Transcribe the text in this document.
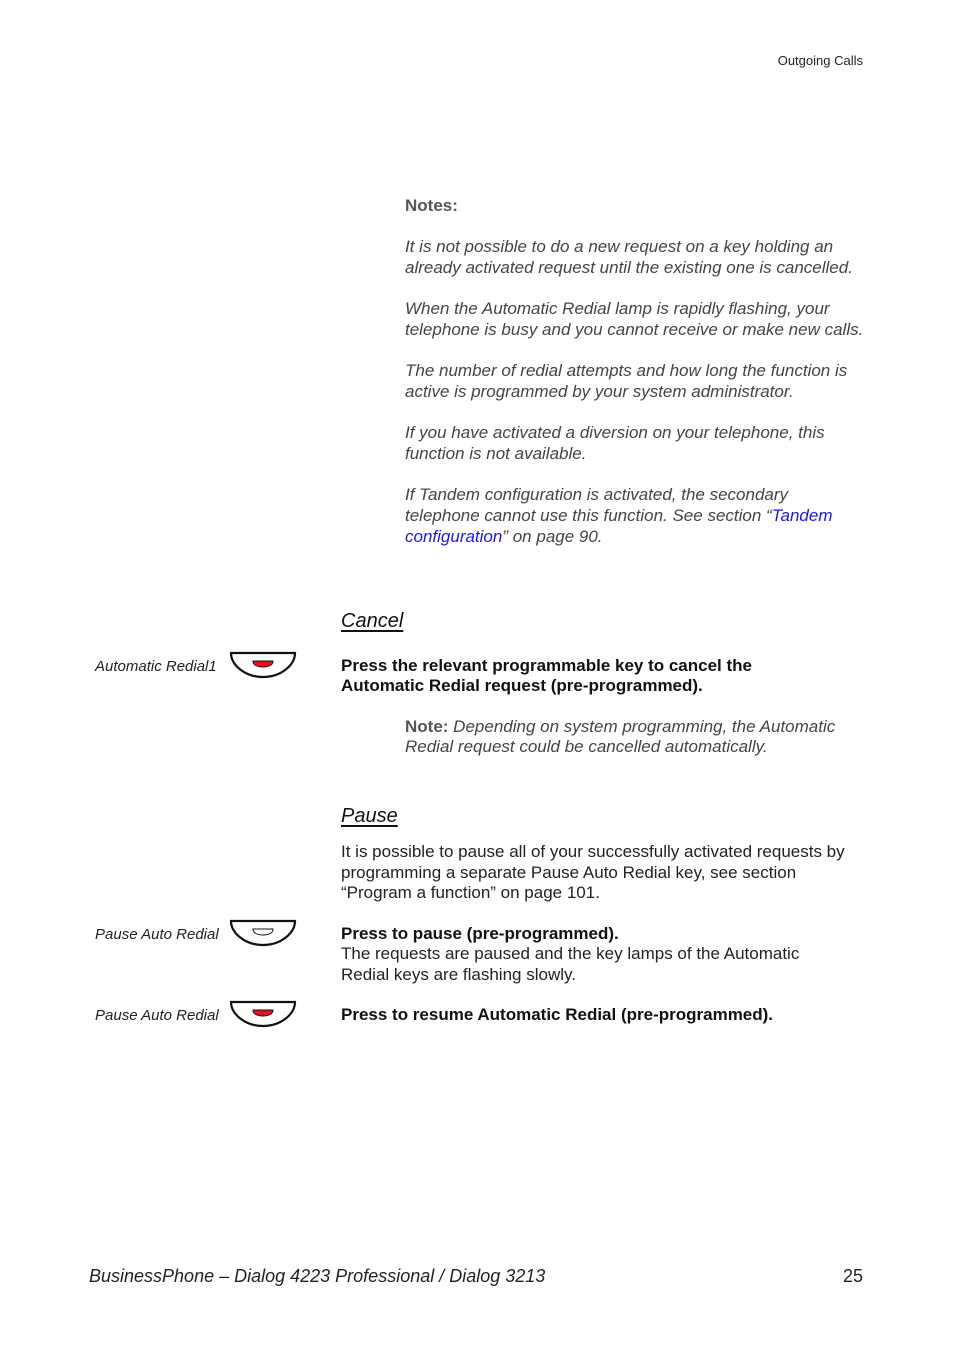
Outgoing Calls
Notes:

It is not possible to do a new request on a key holding an already activated request until the existing one is cancelled.

When the Automatic Redial lamp is rapidly flashing, your telephone is busy and you cannot receive or make new calls.

The number of redial attempts and how long the function is active is programmed by your system administrator.

If you have activated a diversion on your telephone, this function is not available.

If Tandem configuration is activated, the secondary telephone cannot use this function. See section “Tandem configuration” on page 90.

Cancel
Automatic Redial1	Press the relevant programmable key to cancel the Automatic Redial request (pre-programmed).
Note: Depending on system programming, the Automatic Redial request could be cancelled automatically.
Pause
It is possible to pause all of your successfully activated requests by programming a separate Pause Auto Redial key, see section “Program a function” on page 101.
Pause Auto Redial	Press to pause (pre-programmed).
The requests are paused and the key lamps of the Automatic Redial keys are flashing slowly.
Pause Auto Redial	Press to resume Automatic Redial (pre-programmed).
BusinessPhone – Dialog 4223 Professional / Dialog 3213	25
